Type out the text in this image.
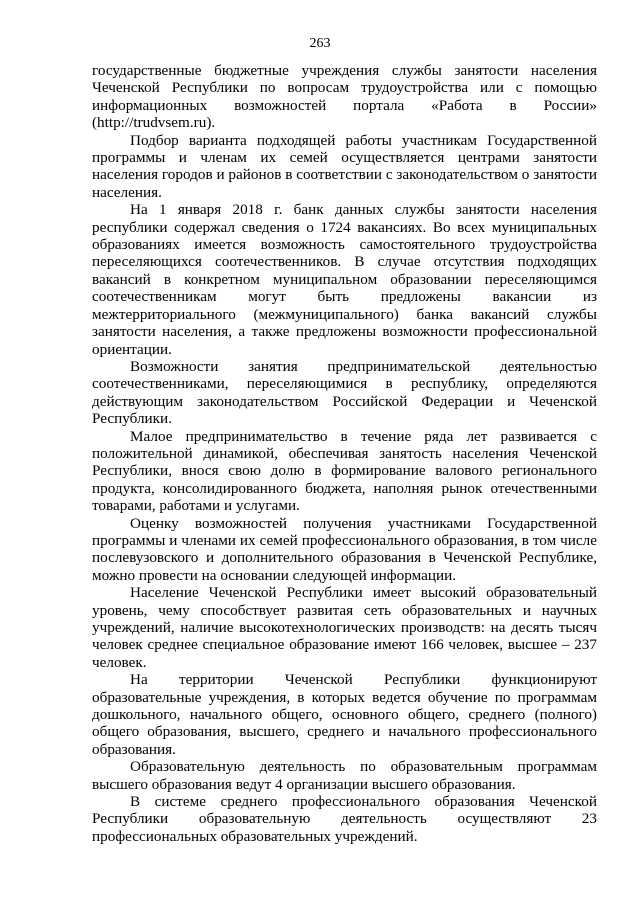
263

государственные бюджетные учреждения службы занятости населения Чеченской Республики по вопросам трудоустройства или с помощью информационных возможностей портала «Работа в России» (http://trudvsem.ru).

Подбор варианта подходящей работы участникам Государственной программы и членам их семей осуществляется центрами занятости населения городов и районов в соответствии с законодательством о занятости населения.

На 1 января 2018 г. банк данных службы занятости населения республики содержал сведения о 1724 вакансиях. Во всех муниципальных образованиях имеется возможность самостоятельного трудоустройства переселяющихся соотечественников. В случае отсутствия подходящих вакансий в конкретном муниципальном образовании переселяющимся соотечественникам могут быть предложены вакансии из межтерриториального (межмуниципального) банка вакансий службы занятости населения, а также предложены возможности профессиональной ориентации.

Возможности занятия предпринимательской деятельностью соотечественниками, переселяющимися в республику, определяются действующим законодательством Российской Федерации и Чеченской Республики.

Малое предпринимательство в течение ряда лет развивается с положительной динамикой, обеспечивая занятость населения Чеченской Республики, внося свою долю в формирование валового регионального продукта, консолидированного бюджета, наполняя рынок отечественными товарами, работами и услугами.

Оценку возможностей получения участниками Государственной программы и членами их семей профессионального образования, в том числе послевузовского и дополнительного образования в Чеченской Республике, можно провести на основании следующей информации.

Население Чеченской Республики имеет высокий образовательный уровень, чему способствует развитая сеть образовательных и научных учреждений, наличие высокотехнологических производств: на десять тысяч человек среднее специальное образование имеют 166 человек, высшее – 237 человек.

На территории Чеченской Республики функционируют образовательные учреждения, в которых ведется обучение по программам дошкольного, начального общего, основного общего, среднего (полного) общего образования, высшего, среднего и начального профессионального образования.

Образовательную деятельность по образовательным программам высшего образования ведут 4 организации высшего образования.

В системе среднего профессионального образования Чеченской Республики образовательную деятельность осуществляют 23 профессиональных образовательных учреждений.
